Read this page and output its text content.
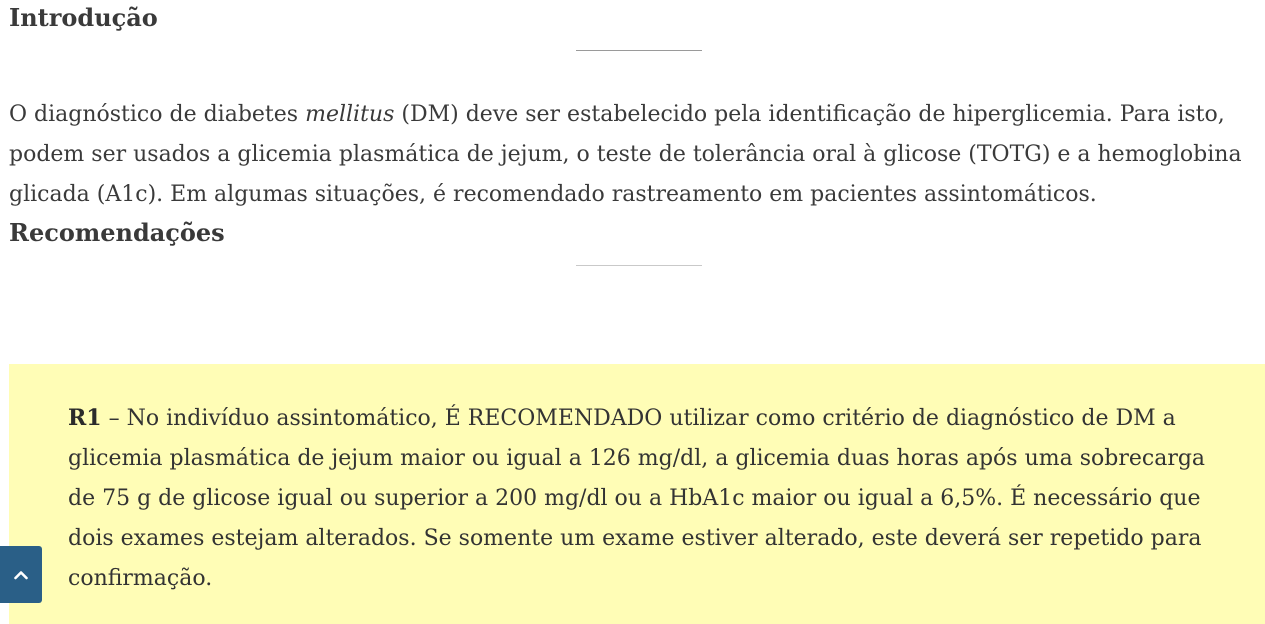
Introdução

O diagnóstico de diabetes mellitus (DM) deve ser estabelecido pela identificação de hiperglicemia. Para isto, podem ser usados a glicemia plasmática de jejum, o teste de tolerância oral à glicose (TOTG) e a hemoglobina glicada (A1c). Em algumas situações, é recomendado rastreamento em pacientes assintomáticos.

Recomendações

R1 – No indivíduo assintomático, É RECOMENDADO utilizar como critério de diagnóstico de DM a glicemia plasmática de jejum maior ou igual a 126 mg/dl, a glicemia duas horas após uma sobrecarga de 75 g de glicose igual ou superior a 200 mg/dl ou a HbA1c maior ou igual a 6,5%. É necessário que dois exames estejam alterados. Se somente um exame estiver alterado, este deverá ser repetido para confirmação.
